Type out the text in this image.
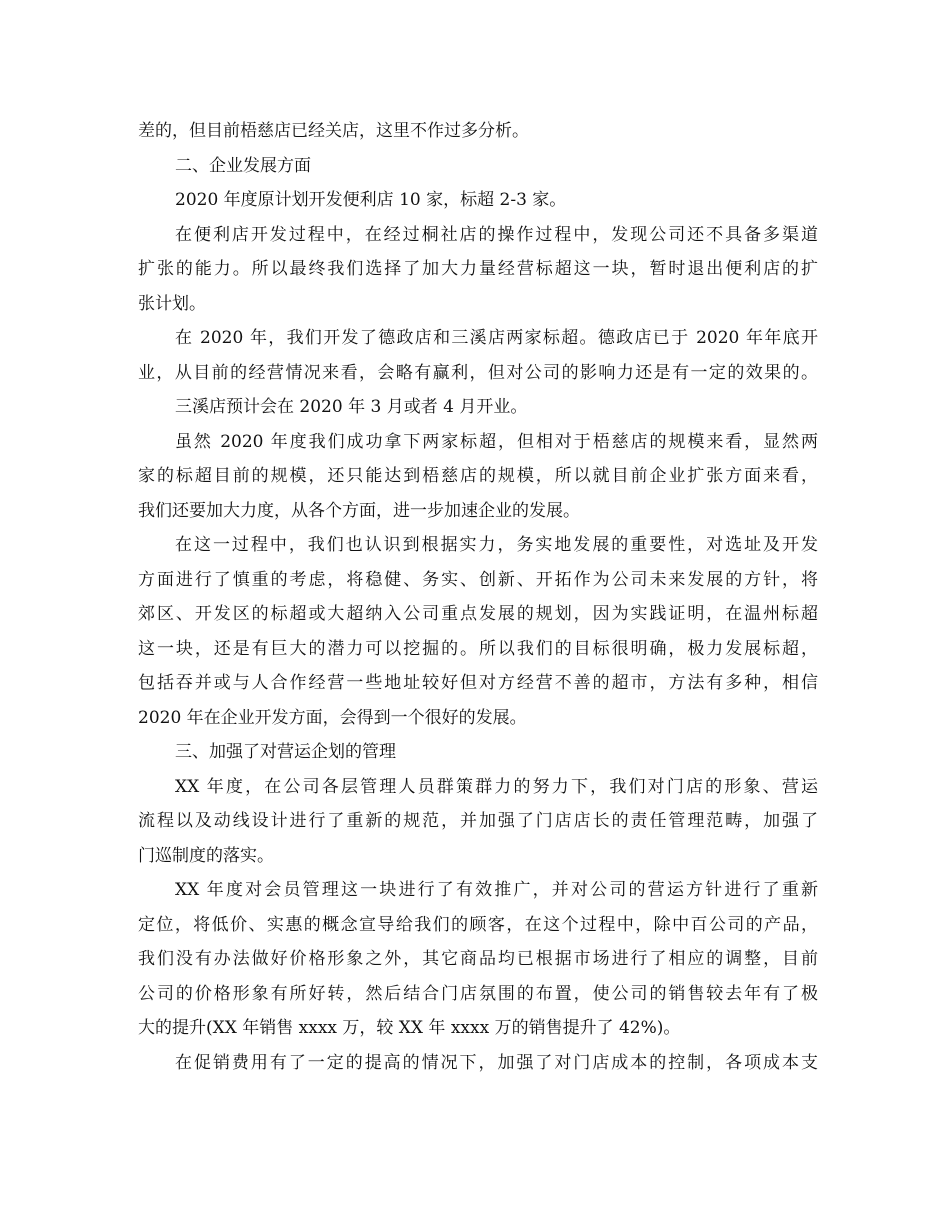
差的，但目前梧慈店已经关店，这里不作过多分析。
二、企业发展方面
2020 年度原计划开发便利店 10 家，标超 2-3 家。
在便利店开发过程中，在经过桐社店的操作过程中，发现公司还不具备多渠道
扩张的能力。所以最终我们选择了加大力量经营标超这一块，暂时退出便利店的扩
张计划。
在 2020 年，我们开发了德政店和三溪店两家标超。德政店已于 2020 年年底开
业，从目前的经营情况来看，会略有赢利，但对公司的影响力还是有一定的效果的。
三溪店预计会在 2020 年 3 月或者 4 月开业。
虽然 2020 年度我们成功拿下两家标超，但相对于梧慈店的规模来看，显然两
家的标超目前的规模，还只能达到梧慈店的规模，所以就目前企业扩张方面来看，
我们还要加大力度，从各个方面，进一步加速企业的发展。
在这一过程中，我们也认识到根据实力，务实地发展的重要性，对选址及开发
方面进行了慎重的考虑，将稳健、务实、创新、开拓作为公司未来发展的方针，将
郊区、开发区的标超或大超纳入公司重点发展的规划，因为实践证明，在温州标超
这一块，还是有巨大的潜力可以挖掘的。所以我们的目标很明确，极力发展标超，
包括吞并或与人合作经营一些地址较好但对方经营不善的超市，方法有多种，相信
2020 年在企业开发方面，会得到一个很好的发展。
三、加强了对营运企划的管理
XX 年度，在公司各层管理人员群策群力的努力下，我们对门店的形象、营运
流程以及动线设计进行了重新的规范，并加强了门店店长的责任管理范畴，加强了
门巡制度的落实。
XX 年度对会员管理这一块进行了有效推广，并对公司的营运方针进行了重新
定位，将低价、实惠的概念宣导给我们的顾客，在这个过程中，除中百公司的产品，
我们没有办法做好价格形象之外，其它商品均已根据市场进行了相应的调整，目前
公司的价格形象有所好转，然后结合门店氛围的布置，使公司的销售较去年有了极
大的提升(XX 年销售 xxxx 万，较 XX 年 xxxx 万的销售提升了 42%)。
在促销费用有了一定的提高的情况下，加强了对门店成本的控制，各项成本支
